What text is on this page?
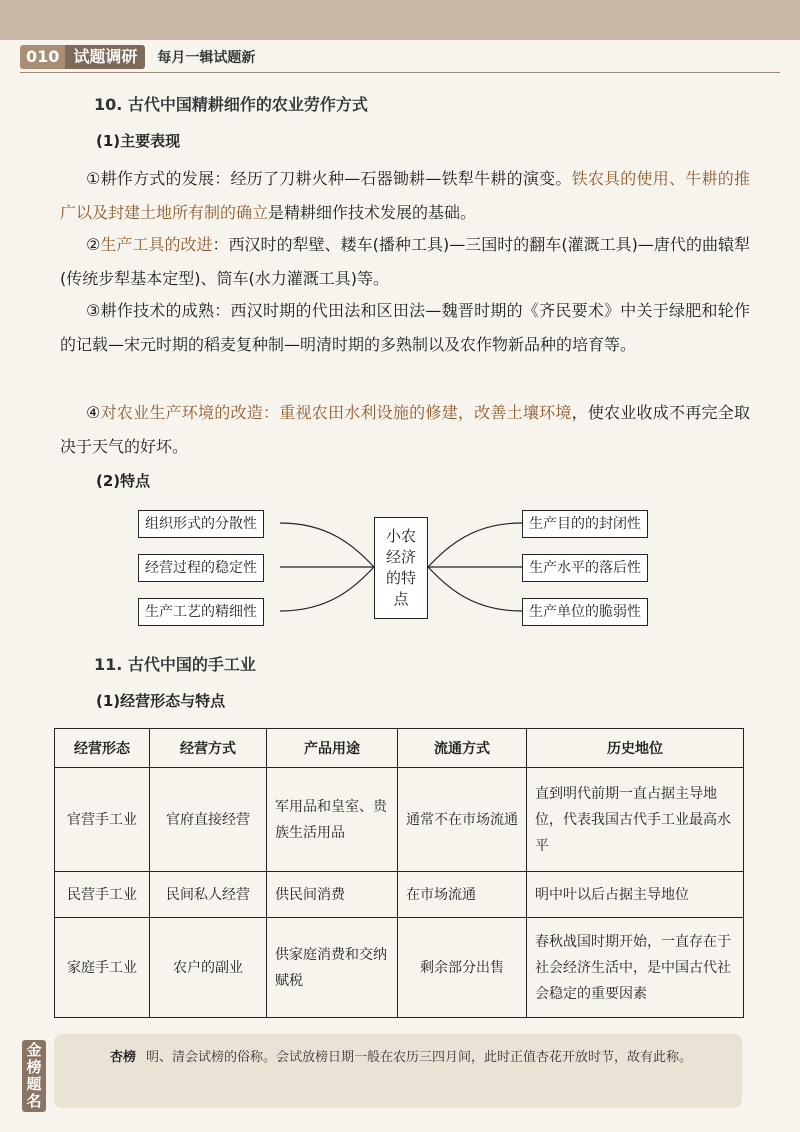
010 试题调研	每月一辑试题新
10. 古代中国精耕细作的农业劳作方式
(1)主要表现
①耕作方式的发展：经历了刀耕火种—石器锄耕—铁犁牛耕的演变。铁农具的使用、牛耕的推广以及封建土地所有制的确立是精耕细作技术发展的基础。
②生产工具的改进：西汉时的犁壁、耧车(播种工具)—三国时的翻车(灌溉工具)—唐代的曲辕犁(传统步犁基本定型)、筒车(水力灌溉工具)等。
③耕作技术的成熟：西汉时期的代田法和区田法—魏晋时期的《齐民要术》中关于绿肥和轮作的记载—宋元时期的稻麦复种制—明清时期的多熟制以及农作物新品种的培育等。
④对农业生产环境的改造：重视农田水利设施的修建，改善土壤环境，使农业收成不再完全取决于天气的好坏。
(2)特点
组织形式的分散性
经营过程的稳定性
生产工艺的精细性
小农经济的特点
生产目的的封闭性
生产水平的落后性
生产单位的脆弱性
11. 古代中国的手工业
(1)经营形态与特点
经营形态	经营方式	产品用途	流通方式	历史地位
官营手工业	官府直接经营	军用品和皇室、贵族生活用品	通常不在市场流通	直到明代前期一直占据主导地位，代表我国古代手工业最高水平
民营手工业	民间私人经营	供民间消费	在市场流通	明中叶以后占据主导地位
家庭手工业	农户的副业	供家庭消费和交纳赋税	剩余部分出售	春秋战国时期开始，一直存在于社会经济生活中，是中国古代社会稳定的重要因素
金榜题名
杏榜 明、清会试榜的俗称。会试放榜日期一般在农历三四月间，此时正值杏花开放时节，故有此称。
